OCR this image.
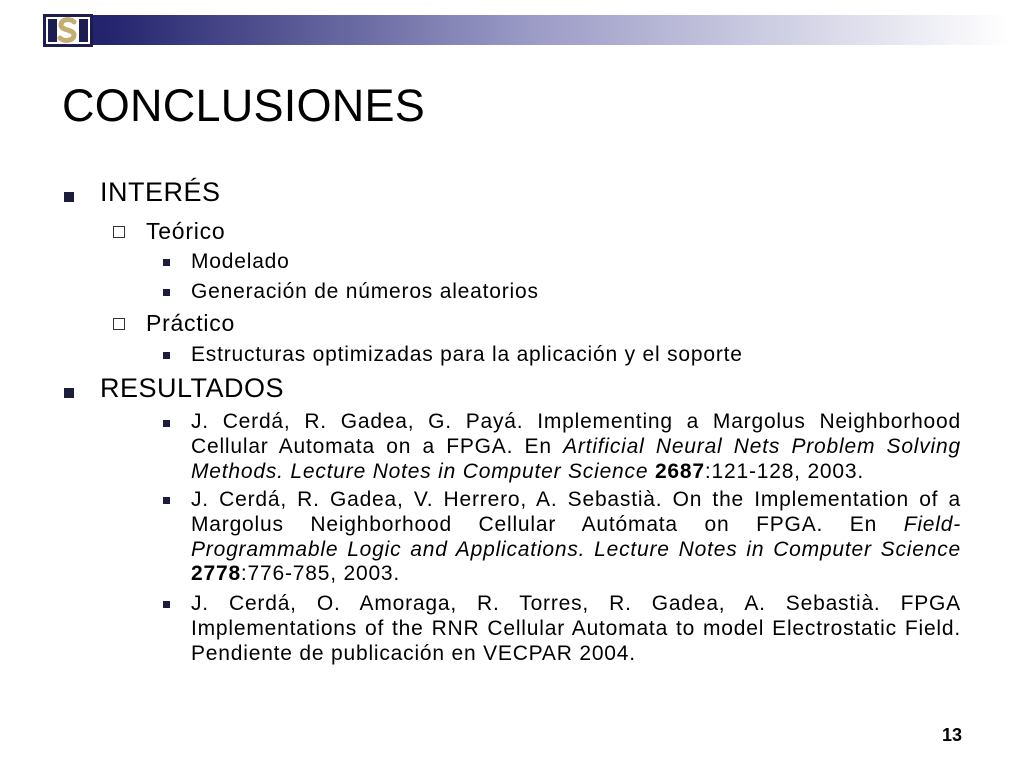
CONCLUSIONES
INTERÉS
Teórico
Modelado
Generación de números aleatorios
Práctico
Estructuras optimizadas para la aplicación y el soporte
RESULTADOS
J. Cerdá, R. Gadea, G. Payá. Implementing a Margolus Neighborhood Cellular Automata on a FPGA. En Artificial Neural Nets Problem Solving Methods. Lecture Notes in Computer Science 2687:121-128, 2003.
J. Cerdá, R. Gadea, V. Herrero, A. Sebastià. On the Implementation of a Margolus Neighborhood Cellular Autómata on FPGA. En Field-Programmable Logic and Applications. Lecture Notes in Computer Science 2778:776-785, 2003.
J. Cerdá, O. Amoraga, R. Torres, R. Gadea, A. Sebastià. FPGA Implementations of the RNR Cellular Automata to model Electrostatic Field. Pendiente de publicación en VECPAR 2004.
13
